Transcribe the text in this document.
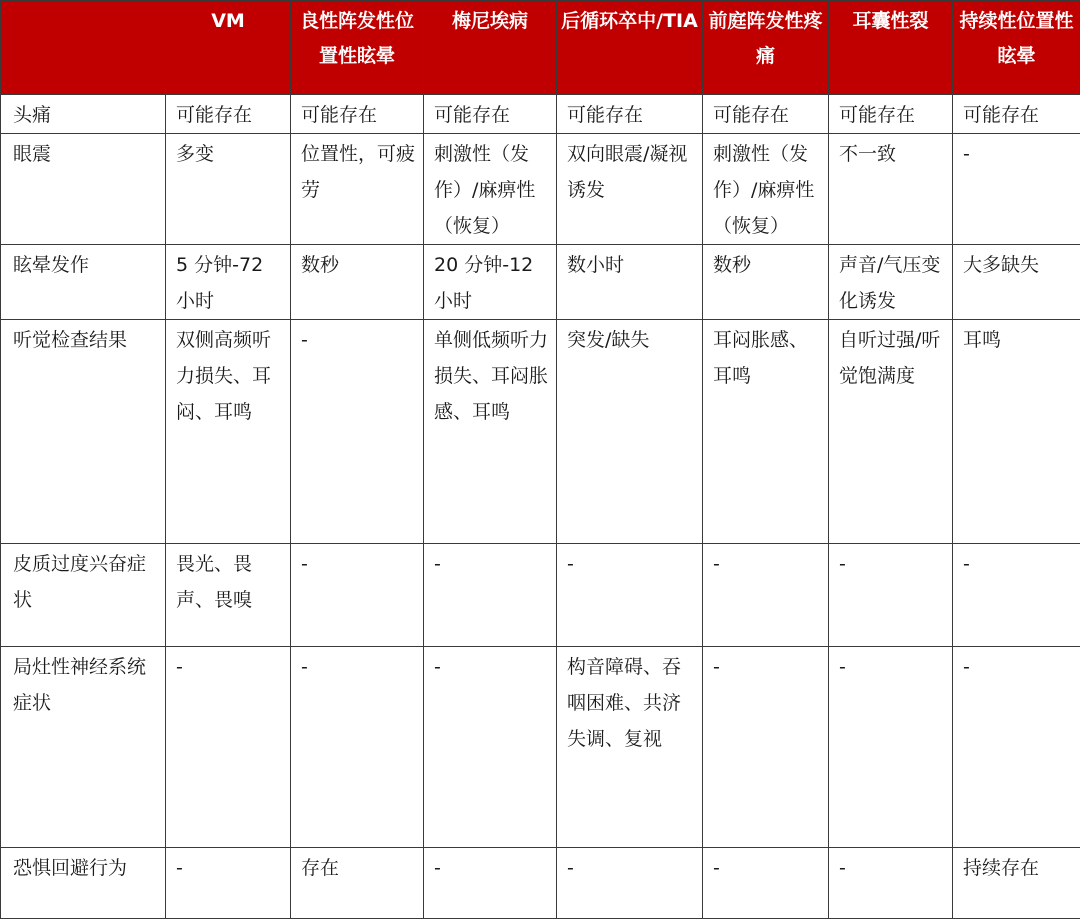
	VM	良性阵发性位置性眩晕	梅尼埃病	后循环卒中/TIA	前庭阵发性疼痛	耳囊性裂	持续性位置性眩晕
头痛	可能存在	可能存在	可能存在	可能存在	可能存在	可能存在	可能存在
眼震	多变	位置性，可疲劳	刺激性（发作）/麻痹性（恢复）	双向眼震/凝视诱发	刺激性（发作）/麻痹性（恢复）	不一致	-
眩晕发作	5 分钟-72 小时	数秒	20 分钟-12 小时	数小时	数秒	声音/气压变化诱发	大多缺失
听觉检查结果	双侧高频听力损失、耳闷、耳鸣	-	单侧低频听力损失、耳闷胀感、耳鸣	突发/缺失	耳闷胀感、耳鸣	自听过强/听觉饱满度	耳鸣
皮质过度兴奋症状	畏光、畏声、畏嗅	-	-	-	-	-	-
局灶性神经系统症状	-	-	-	构音障碍、吞咽困难、共济失调、复视	-	-	-
恐惧回避行为	-	存在	-	-	-	-	持续存在
